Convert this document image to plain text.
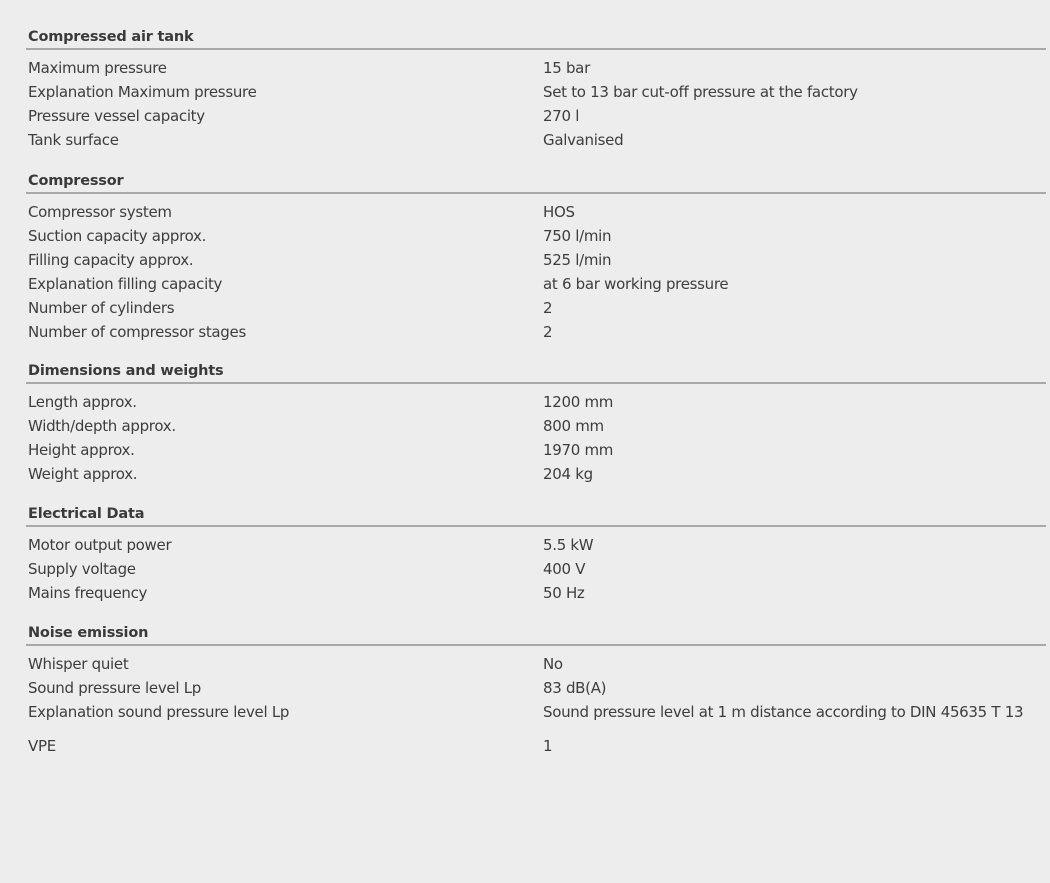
Compressed air tank
Maximum pressure	15 bar
Explanation Maximum pressure	Set to 13 bar cut-off pressure at the factory
Pressure vessel capacity	270 l
Tank surface	Galvanised
Compressor
Compressor system	HOS
Suction capacity approx.	750 l/min
Filling capacity approx.	525 l/min
Explanation filling capacity	at 6 bar working pressure
Number of cylinders	2
Number of compressor stages	2
Dimensions and weights
Length approx.	1200 mm
Width/depth approx.	800 mm
Height approx.	1970 mm
Weight approx.	204 kg
Electrical Data
Motor output power	5.5 kW
Supply voltage	400 V
Mains frequency	50 Hz
Noise emission
Whisper quiet	No
Sound pressure level Lp	83 dB(A)
Explanation sound pressure level Lp	Sound pressure level at 1 m distance according to DIN 45635 T 13
VPE	1
